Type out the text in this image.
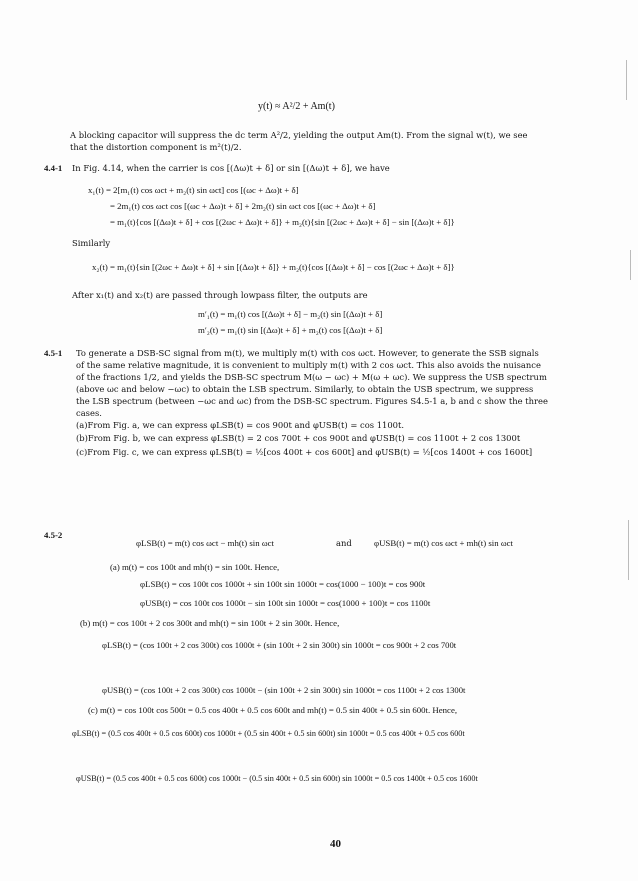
y(t) ≈ A²/2 + Am(t)
A blocking capacitor will suppress the dc term A²/2, yielding the output Am(t). From the signal w(t), we see
that the distortion component is m²(t)/2.
4.4-1 In Fig. 4.14, when the carrier is cos [(Δω)t + δ] or sin [(Δω)t + δ], we have
x₁(t) = 2[m₁(t) cos ωct + m₂(t) sin ωct] cos [(ωc + Δω)t + δ]
= 2m₁(t) cos ωct cos [(ωc + Δω)t + δ] + 2m₂(t) sin ωct cos [(ωc + Δω)t + δ]
= m₁(t){cos [(Δω)t + δ] + cos [(2ωc + Δω)t + δ]} + m₂(t){sin [(2ωc + Δω)t + δ] − sin [(Δω)t + δ]}
Similarly
x₂(t) = m₁(t){sin [(2ωc + Δω)t + δ] + sin [(Δω)t + δ]} + m₂(t){cos [(Δω)t + δ] − cos [(2ωc + Δω)t + δ]}
After x₁(t) and x₂(t) are passed through lowpass filter, the outputs are
m′₁(t) = m₁(t) cos [(Δω)t + δ] − m₂(t) sin [(Δω)t + δ]
m′₂(t) = m₁(t) sin [(Δω)t + δ] + m₂(t) cos [(Δω)t + δ]
4.5-1 To generate a DSB-SC signal from m(t), we multiply m(t) with cos ωct. However, to generate the SSB signals
of the same relative magnitude, it is convenient to multiply m(t) with 2 cos ωct. This also avoids the nuisance
of the fractions 1/2, and yields the DSB-SC spectrum M(ω − ωc) + M(ω + ωc). We suppress the USB spectrum
(above ωc and below −ωc) to obtain the LSB spectrum. Similarly, to obtain the USB spectrum, we suppress
the LSB spectrum (between −ωc and ωc) from the DSB-SC spectrum. Figures S4.5-1 a, b and c show the three
cases.
(a)From Fig. a, we can express φLSB(t) = cos 900t and φUSB(t) = cos 1100t.
(b)From Fig. b, we can express φLSB(t) = 2 cos 700t + cos 900t and φUSB(t) = cos 1100t + 2 cos 1300t
(c)From Fig. c, we can express φLSB(t) = ½[cos 400t + cos 600t] and φUSB(t) = ½[cos 1400t + cos 1600t]
4.5-2
φLSB(t) = m(t) cos ωct − mh(t) sin ωct	and	φUSB(t) = m(t) cos ωct + mh(t) sin ωct
(a) m(t) = cos 100t and mh(t) = sin 100t. Hence,
φLSB(t) = cos 100t cos 1000t + sin 100t sin 1000t = cos(1000 − 100)t = cos 900t
φUSB(t) = cos 100t cos 1000t − sin 100t sin 1000t = cos(1000 + 100)t = cos 1100t
(b) m(t) = cos 100t + 2 cos 300t and mh(t) = sin 100t + 2 sin 300t. Hence,
φLSB(t) = (cos 100t + 2 cos 300t) cos 1000t + (sin 100t + 2 sin 300t) sin 1000t = cos 900t + 2 cos 700t
φUSB(t) = (cos 100t + 2 cos 300t) cos 1000t − (sin 100t + 2 sin 300t) sin 1000t = cos 1100t + 2 cos 1300t
(c) m(t) = cos 100t cos 500t = 0.5 cos 400t + 0.5 cos 600t and mh(t) = 0.5 sin 400t + 0.5 sin 600t. Hence,
φLSB(t) = (0.5 cos 400t + 0.5 cos 600t) cos 1000t + (0.5 sin 400t + 0.5 sin 600t) sin 1000t = 0.5 cos 400t + 0.5 cos 600t
φUSB(t) = (0.5 cos 400t + 0.5 cos 600t) cos 1000t − (0.5 sin 400t + 0.5 sin 600t) sin 1000t = 0.5 cos 1400t + 0.5 cos 1600t
40
